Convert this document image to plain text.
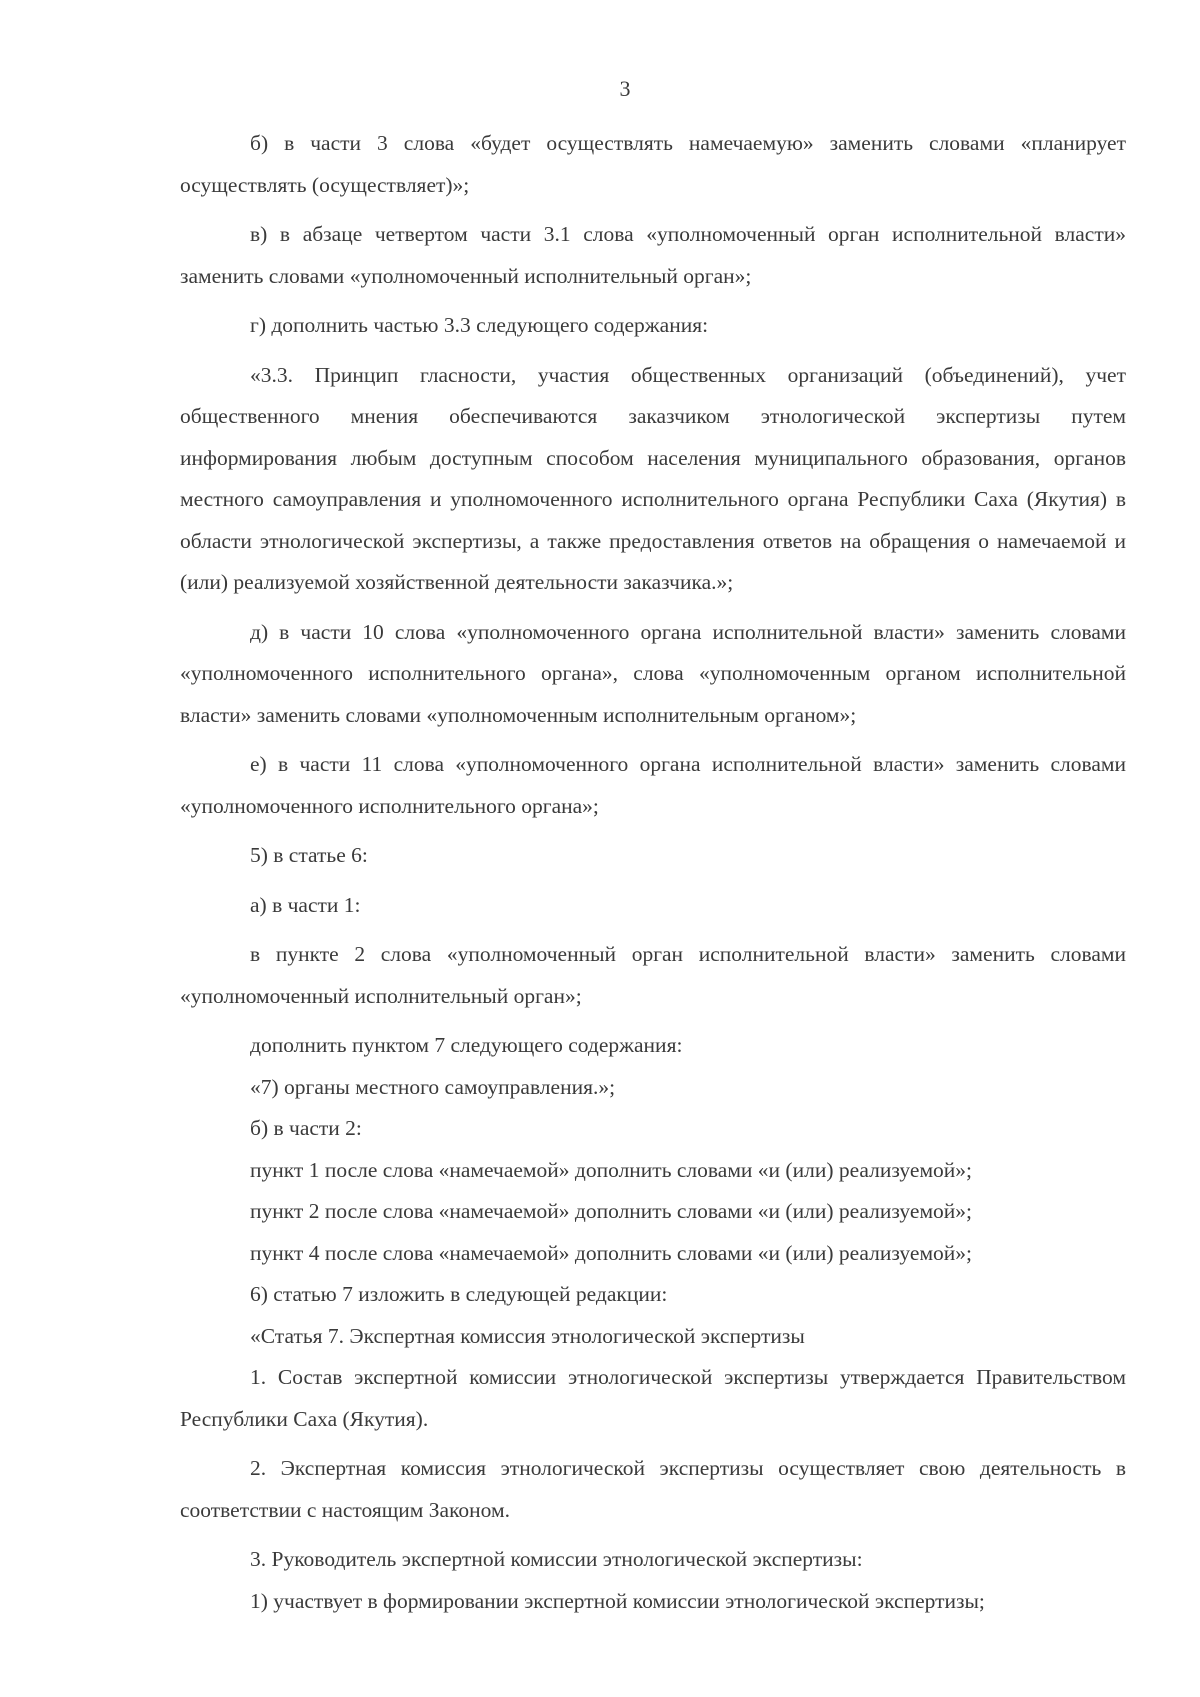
3

б) в части 3 слова «будет осуществлять намечаемую» заменить словами «планирует осуществлять (осуществляет)»;

в) в абзаце четвертом части 3.1 слова «уполномоченный орган исполнительной власти» заменить словами «уполномоченный исполнительный орган»;

г) дополнить частью 3.3 следующего содержания:

«3.3. Принцип гласности, участия общественных организаций (объединений), учет общественного мнения обеспечиваются заказчиком этнологической экспертизы путем информирования любым доступным способом населения муниципального образования, органов местного самоуправления и уполномоченного исполнительного органа Республики Саха (Якутия) в области этнологической экспертизы, а также предоставления ответов на обращения о намечаемой и (или) реализуемой хозяйственной деятельности заказчика.»;

д) в части 10 слова «уполномоченного органа исполнительной власти» заменить словами «уполномоченного исполнительного органа», слова «уполномоченным органом исполнительной власти» заменить словами «уполномоченным исполнительным органом»;

е) в части 11 слова «уполномоченного органа исполнительной власти» заменить словами «уполномоченного исполнительного органа»;

5) в статье 6:

а) в части 1:

в пункте 2 слова «уполномоченный орган исполнительной власти» заменить словами «уполномоченный исполнительный орган»;

дополнить пунктом 7 следующего содержания:

«7) органы местного самоуправления.»;

б) в части 2:

пункт 1 после слова «намечаемой» дополнить словами «и (или) реализуемой»;

пункт 2 после слова «намечаемой» дополнить словами «и (или) реализуемой»;

пункт 4 после слова «намечаемой» дополнить словами «и (или) реализуемой»;

6) статью 7 изложить в следующей редакции:

«Статья 7. Экспертная комиссия этнологической экспертизы

1. Состав экспертной комиссии этнологической экспертизы утверждается Правительством Республики Саха (Якутия).

2. Экспертная комиссия этнологической экспертизы осуществляет свою деятельность в соответствии с настоящим Законом.

3. Руководитель экспертной комиссии этнологической экспертизы:

1) участвует в формировании экспертной комиссии этнологической экспертизы;
